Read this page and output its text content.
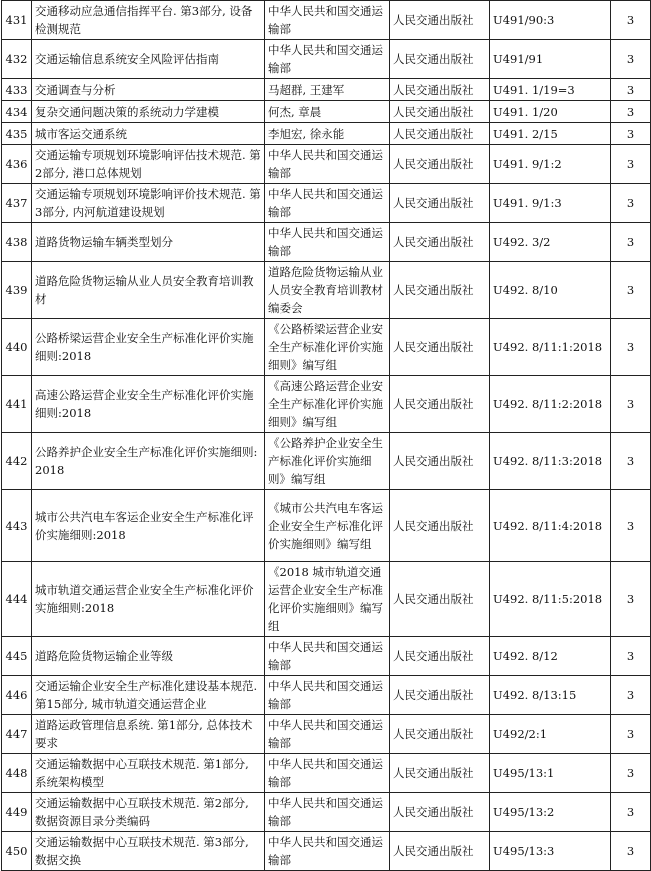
431	交通移动应急通信指挥平台. 第3部分, 设备检测规范	中华人民共和国交通运输部	人民交通出版社	U491/90:3	3
432	交通运输信息系统安全风险评估指南	中华人民共和国交通运输部	人民交通出版社	U491/91	3
433	交通调查与分析	马超群, 王建军	人民交通出版社	U491. 1/19=3	3
434	复杂交通问题决策的系统动力学建模	何杰, 章晨	人民交通出版社	U491. 1/20	3
435	城市客运交通系统	李旭宏, 徐永能	人民交通出版社	U491. 2/15	3
436	交通运输专项规划环境影响评估技术规范. 第2部分, 港口总体规划	中华人民共和国交通运输部	人民交通出版社	U491. 9/1:2	3
437	交通运输专项规划环境影响评价技术规范. 第3部分, 内河航道建设规划	中华人民共和国交通运输部	人民交通出版社	U491. 9/1:3	3
438	道路货物运输车辆类型划分	中华人民共和国交通运输部	人民交通出版社	U492. 3/2	3
439	道路危险货物运输从业人员安全教育培训教材	道路危险货物运输从业人员安全教育培训教材编委会	人民交通出版社	U492. 8/10	3
440	公路桥梁运营企业安全生产标准化评价实施细则:2018	《公路桥梁运营企业安全生产标准化评价实施细则》编写组	人民交通出版社	U492. 8/11:1:2018	3
441	高速公路运营企业安全生产标准化评价实施细则:2018	《高速公路运营企业安全生产标准化评价实施细则》编写组	人民交通出版社	U492. 8/11:2:2018	3
442	公路养护企业安全生产标准化评价实施细则:2018	《公路养护企业安全生产标准化评价实施细则》编写组	人民交通出版社	U492. 8/11:3:2018	3
443	城市公共汽电车客运企业安全生产标准化评价实施细则:2018	《城市公共汽电车客运企业安全生产标准化评价实施细则》编写组	人民交通出版社	U492. 8/11:4:2018	3
444	城市轨道交通运营企业安全生产标准化评价实施细则:2018	《2018 城市轨道交通运营企业安全生产标准化评价实施细则》编写组	人民交通出版社	U492. 8/11:5:2018	3
445	道路危险货物运输企业等级	中华人民共和国交通运输部	人民交通出版社	U492. 8/12	3
446	交通运输企业安全生产标准化建设基本规范. 第15部分, 城市轨道交通运营企业	中华人民共和国交通运输部	人民交通出版社	U492. 8/13:15	3
447	道路运政管理信息系统. 第1部分, 总体技术要求	中华人民共和国交通运输部	人民交通出版社	U492/2:1	3
448	交通运输数据中心互联技术规范. 第1部分, 系统架构模型	中华人民共和国交通运输部	人民交通出版社	U495/13:1	3
449	交通运输数据中心互联技术规范. 第2部分, 数据资源目录分类编码	中华人民共和国交通运输部	人民交通出版社	U495/13:2	3
450	交通运输数据中心互联技术规范. 第3部分, 数据交换	中华人民共和国交通运输部	人民交通出版社	U495/13:3	3
